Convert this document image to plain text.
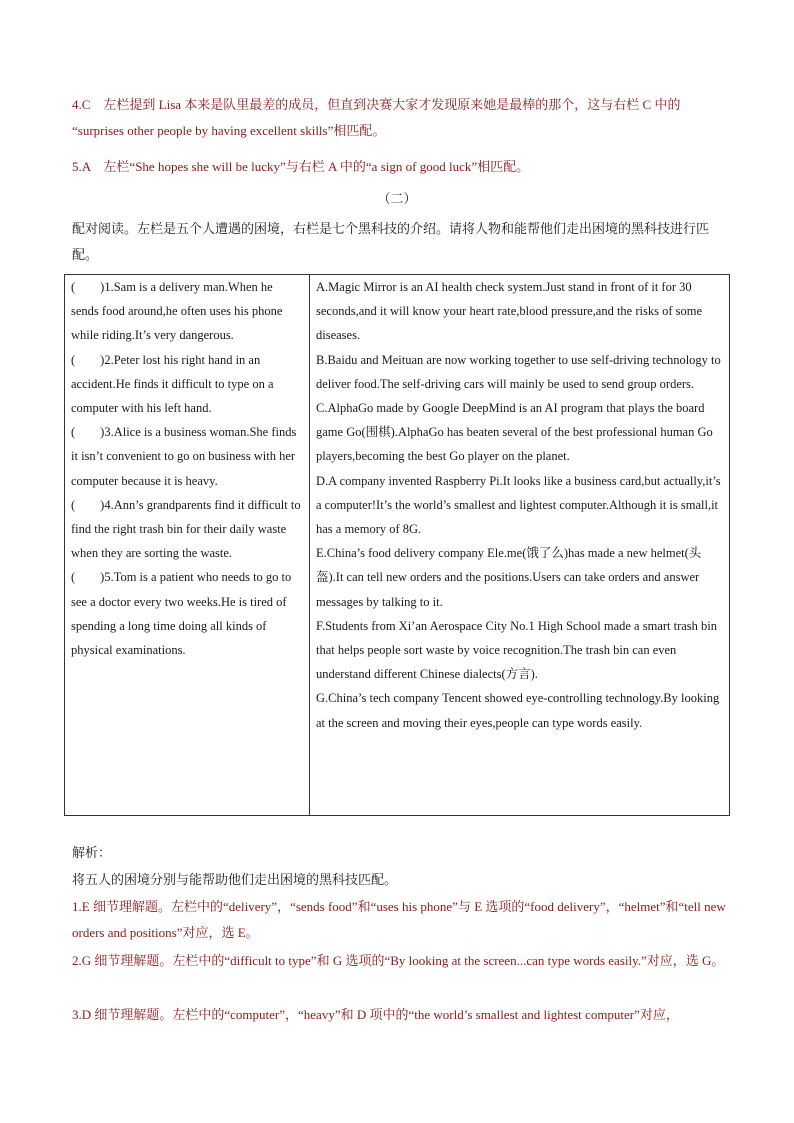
4.C　左栏提到 Lisa 本来是队里最差的成员，但直到决赛大家才发现原来她是最棒的那个，这与右栏 C 中的
“surprises other people by having excellent skills”相匹配。
5.A　左栏“She hopes she will be lucky”与右栏 A 中的“a sign of good luck”相匹配。
（二）
配对阅读。左栏是五个人遭遇的困境，右栏是七个黑科技的介绍。请将人物和能帮他们走出困境的黑科技进行匹配。
(　　)1.Sam is a delivery man.When he sends food around,he often uses his phone while riding.It’s very dangerous.
(　　)2.Peter lost his right hand in an accident.He finds it difficult to type on a computer with his left hand.
(　　)3.Alice is a business woman.She finds it isn’t convenient to go on business with her computer because it is heavy.
(　　)4.Ann’s grandparents find it difficult to find the right trash bin for their daily waste when they are sorting the waste.
(　　)5.Tom is a patient who needs to go to see a doctor every two weeks.He is tired of spending a long time doing all kinds of physical examinations.

A.Magic Mirror is an AI health check system.Just stand in front of it for 30 seconds,and it will know your heart rate,blood pressure,and the risks of some diseases.
B.Baidu and Meituan are now working together to use self-driving technology to deliver food.The self-driving cars will mainly be used to send group orders.
C.AlphaGo made by Google DeepMind is an AI program that plays the board game Go(围棋).AlphaGo has beaten several of the best professional human Go players,becoming the best Go player on the planet.
D.A company invented Raspberry Pi.It looks like a business card,but actually,it’s a computer!It’s the world’s smallest and lightest computer.Although it is small,it has a memory of 8G.
E.China’s food delivery company Ele.me(饿了么)has made a new helmet(头盔).It can tell new orders and the positions.Users can take orders and answer messages by talking to it.
F.Students from Xi’an Aerospace City No.1 High School made a smart trash bin that helps people sort waste by voice recognition.The trash bin can even understand different Chinese dialects(方言).
G.China’s tech company Tencent showed eye-controlling technology.By looking at the screen and moving their eyes,people can type words easily.
解析：
将五人的困境分别与能帮助他们走出困境的黑科技匹配。
1.E 细节理解题。左栏中的“delivery”，“sends food”和“uses his phone”与 E 选项的“food delivery”，“helmet”和“tell new orders and positions”对应，选 E。
2.G 细节理解题。左栏中的“difficult to type”和 G 选项的“By looking at the screen...can type words easily.”对应，选 G。
3.D 细节理解题。左栏中的“computer”，“heavy”和 D 项中的“the world’s smallest and lightest computer”对应，
